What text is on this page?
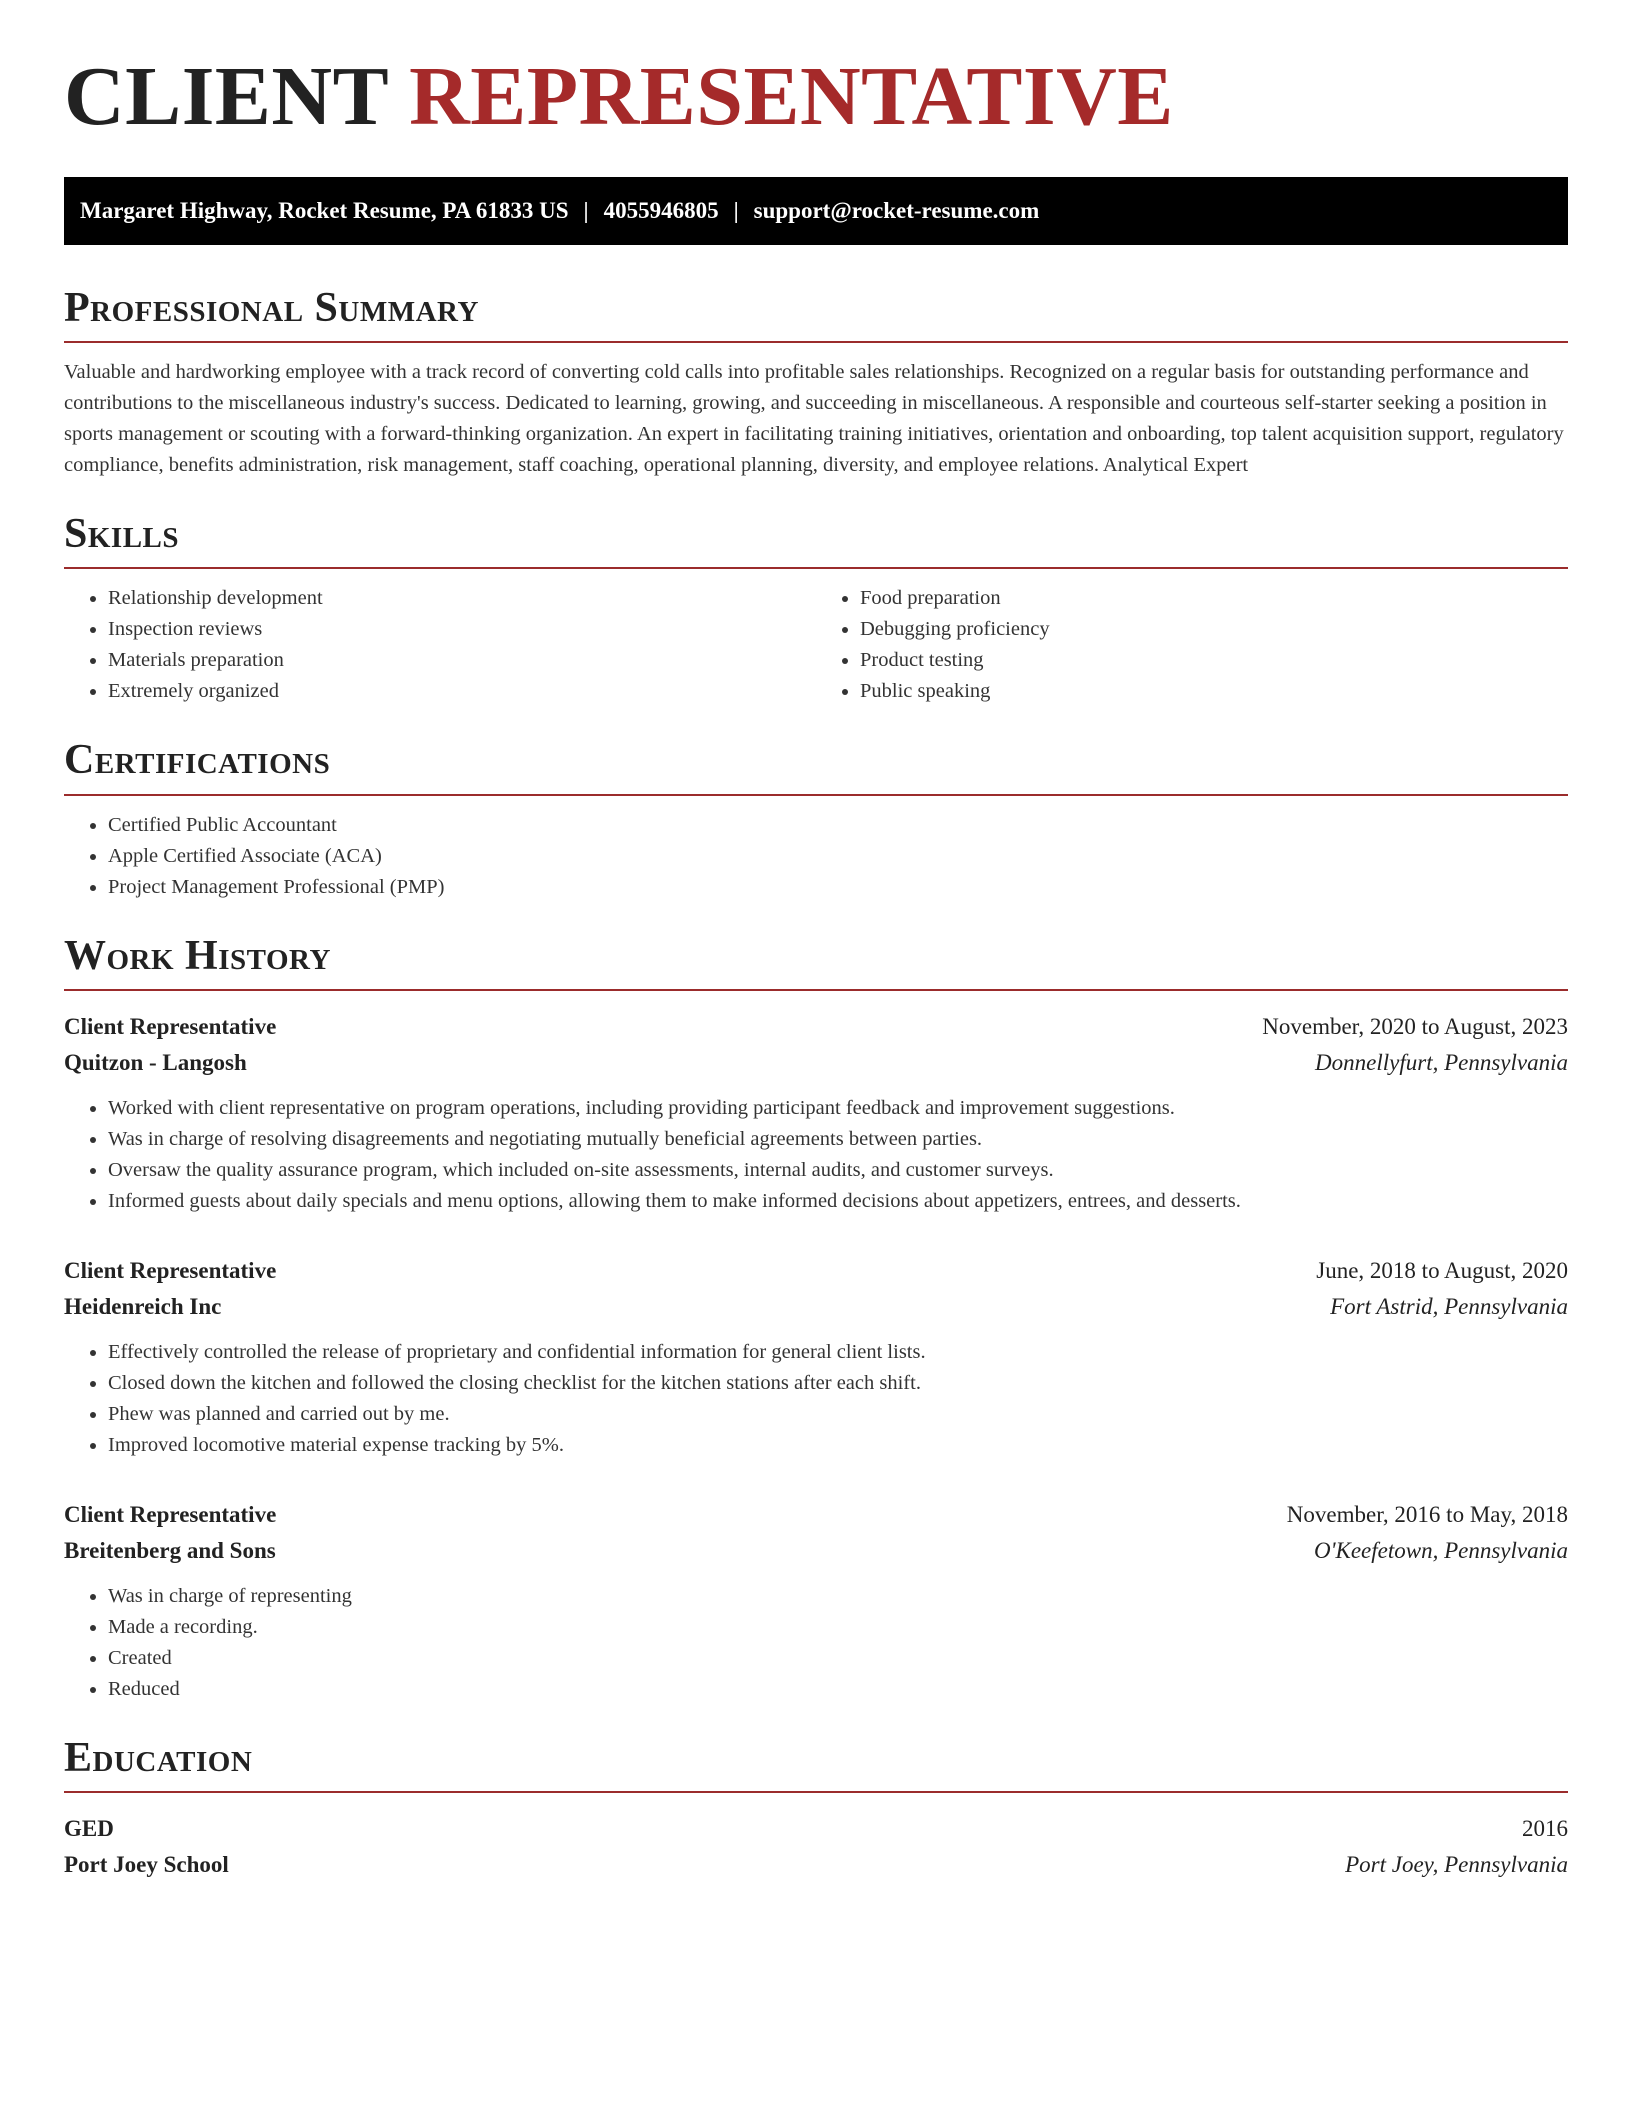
CLIENT REPRESENTATIVE
Margaret Highway, Rocket Resume, PA 61833 US | 4055946805 | support@rocket-resume.com
Professional Summary

Valuable and hardworking employee with a track record of converting cold calls into profitable sales relationships. Recognized on a regular basis for outstanding performance and contributions to the miscellaneous industry's success. Dedicated to learning, growing, and succeeding in miscellaneous. A responsible and courteous self-starter seeking a position in sports management or scouting with a forward-thinking organization. An expert in facilitating training initiatives, orientation and onboarding, top talent acquisition support, regulatory compliance, benefits administration, risk management, staff coaching, operational planning, diversity, and employee relations. Analytical Expert

Skills
• Relationship development
• Inspection reviews
• Materials preparation
• Extremely organized
• Food preparation
• Debugging proficiency
• Product testing
• Public speaking
Certifications
• Certified Public Accountant
• Apple Certified Associate (ACA)
• Project Management Professional (PMP)
Work History
Client Representative	November, 2020 to August, 2023
Quitzon - Langosh	Donnellyfurt, Pennsylvania
• Worked with client representative on program operations, including providing participant feedback and improvement suggestions.
• Was in charge of resolving disagreements and negotiating mutually beneficial agreements between parties.
• Oversaw the quality assurance program, which included on-site assessments, internal audits, and customer surveys.
• Informed guests about daily specials and menu options, allowing them to make informed decisions about appetizers, entrees, and desserts.
Client Representative	June, 2018 to August, 2020
Heidenreich Inc	Fort Astrid, Pennsylvania
• Effectively controlled the release of proprietary and confidential information for general client lists.
• Closed down the kitchen and followed the closing checklist for the kitchen stations after each shift.
• Phew was planned and carried out by me.
• Improved locomotive material expense tracking by 5%.
Client Representative	November, 2016 to May, 2018
Breitenberg and Sons	O'Keefetown, Pennsylvania
• Was in charge of representing
• Made a recording.
• Created
• Reduced
Education
GED	2016
Port Joey School	Port Joey, Pennsylvania
